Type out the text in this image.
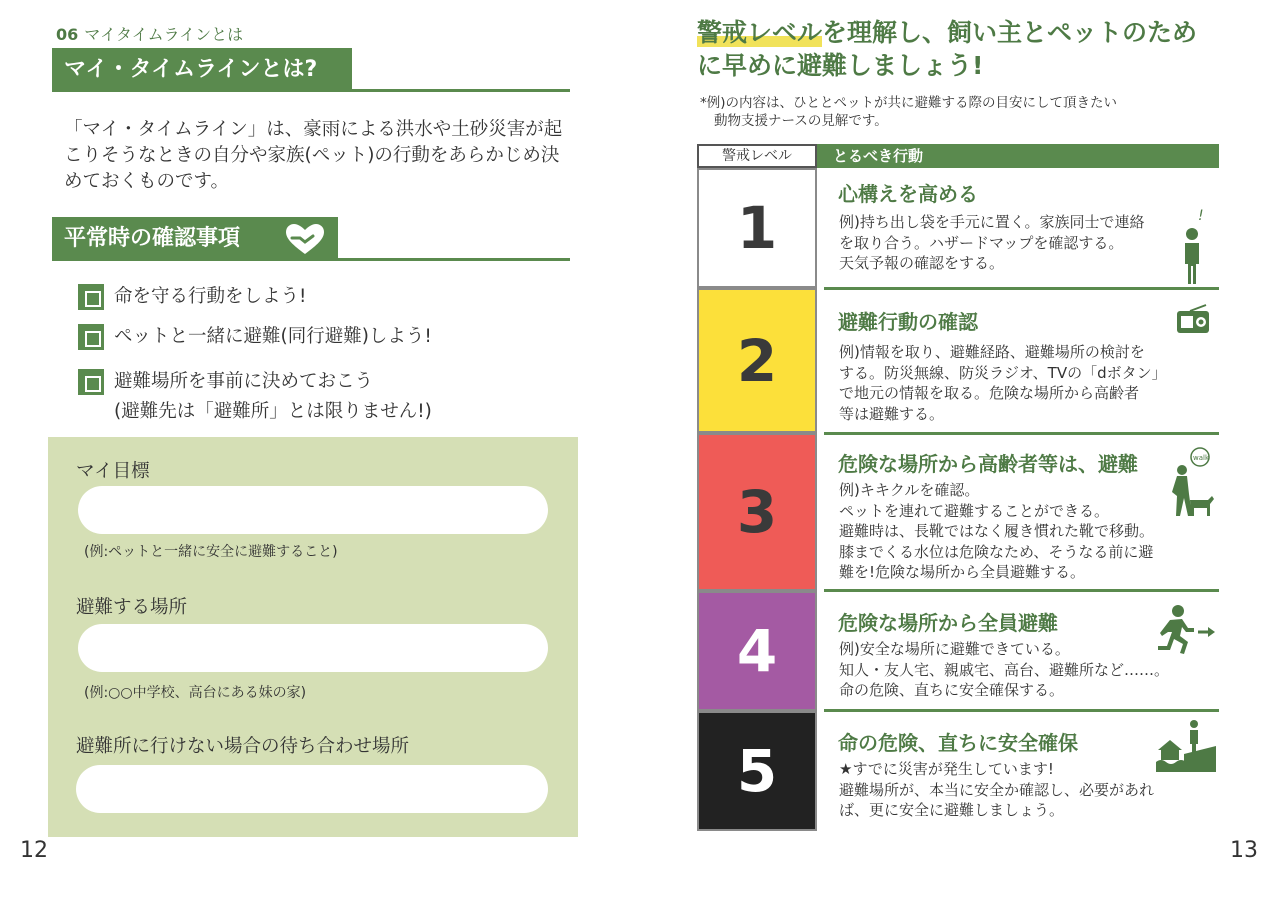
06 マイタイムラインとは
マイ・タイムラインとは?
「マイ・タイムライン」は、豪雨による洪水や土砂災害が起こりそうなときの自分や家族(ペット)の行動をあらかじめ決めておくものです。
平常時の確認事項
命を守る行動をしよう!
ペットと一緒に避難(同行避難)しよう!
避難場所を事前に決めておこう
(避難先は「避難所」とは限りません!)
マイ目標
(例:ペットと一緒に安全に避難すること)
避難する場所
(例:○○中学校、高台にある妹の家)
避難所に行けない場合の待ち合わせ場所
12
警戒レベルを理解し、飼い主とペットのため
に早めに避難しましょう!
*例)の内容は、ひととペットが共に避難する際の目安にして頂きたい
動物支援ナースの見解です。
警戒レベル	とるべき行動
1
2
3
4
5
心構えを高める
例)持ち出し袋を手元に置く。家族同士で連絡
を取り合う。ハザードマップを確認する。
天気予報の確認をする。
!
避難行動の確認
例)情報を取り、避難経路、避難場所の検討を
する。防災無線、防災ラジオ、TVの「dボタン」
で地元の情報を取る。危険な場所から高齢者
等は避難する。
危険な場所から高齢者等は、避難
例)キキクルを確認。
ペットを連れて避難することができる。
避難時は、長靴ではなく履き慣れた靴で移動。
膝までくる水位は危険なため、そうなる前に避
難を!危険な場所から全員避難する。
walk
危険な場所から全員避難
例)安全な場所に避難できている。
知人・友人宅、親戚宅、高台、避難所など……。
命の危険、直ちに安全確保する。
命の危険、直ちに安全確保
★すでに災害が発生しています!
避難場所が、本当に安全か確認し、必要があれ
ば、更に安全に避難しましょう。
13
